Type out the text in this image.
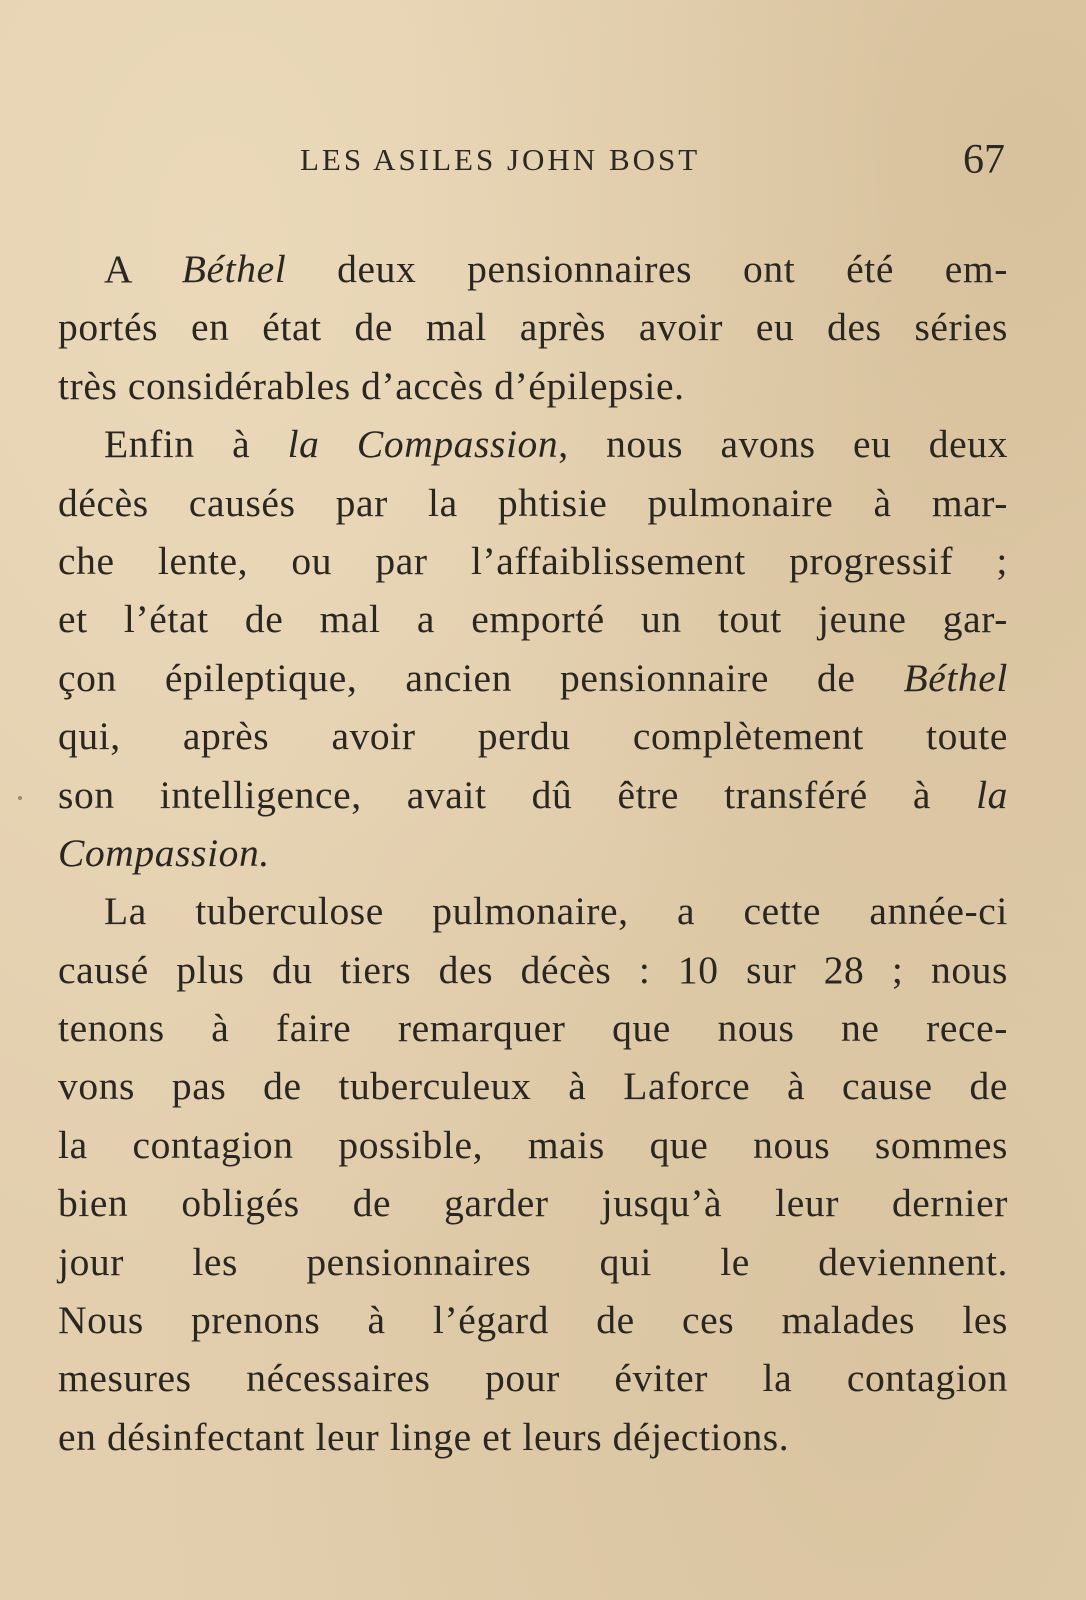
LES ASILES JOHN BOST	67
A Béthel deux pensionnaires ont été em-
portés en état de mal après avoir eu des séries
très considérables d’accès d’épilepsie.
Enfin à la Compassion, nous avons eu deux
décès causés par la phtisie pulmonaire à mar-
che lente, ou par l’affaiblissement progressif ;
et l’état de mal a emporté un tout jeune gar-
çon épileptique, ancien pensionnaire de Béthel
qui, après avoir perdu complètement toute
son intelligence, avait dû être transféré à la
Compassion.
La tuberculose pulmonaire, a cette année-ci
causé plus du tiers des décès : 10 sur 28 ; nous
tenons à faire remarquer que nous ne rece-
vons pas de tuberculeux à Laforce à cause de
la contagion possible, mais que nous sommes
bien obligés de garder jusqu’à leur dernier
jour les pensionnaires qui le deviennent.
Nous prenons à l’égard de ces malades les
mesures nécessaires pour éviter la contagion
en désinfectant leur linge et leurs déjections.
